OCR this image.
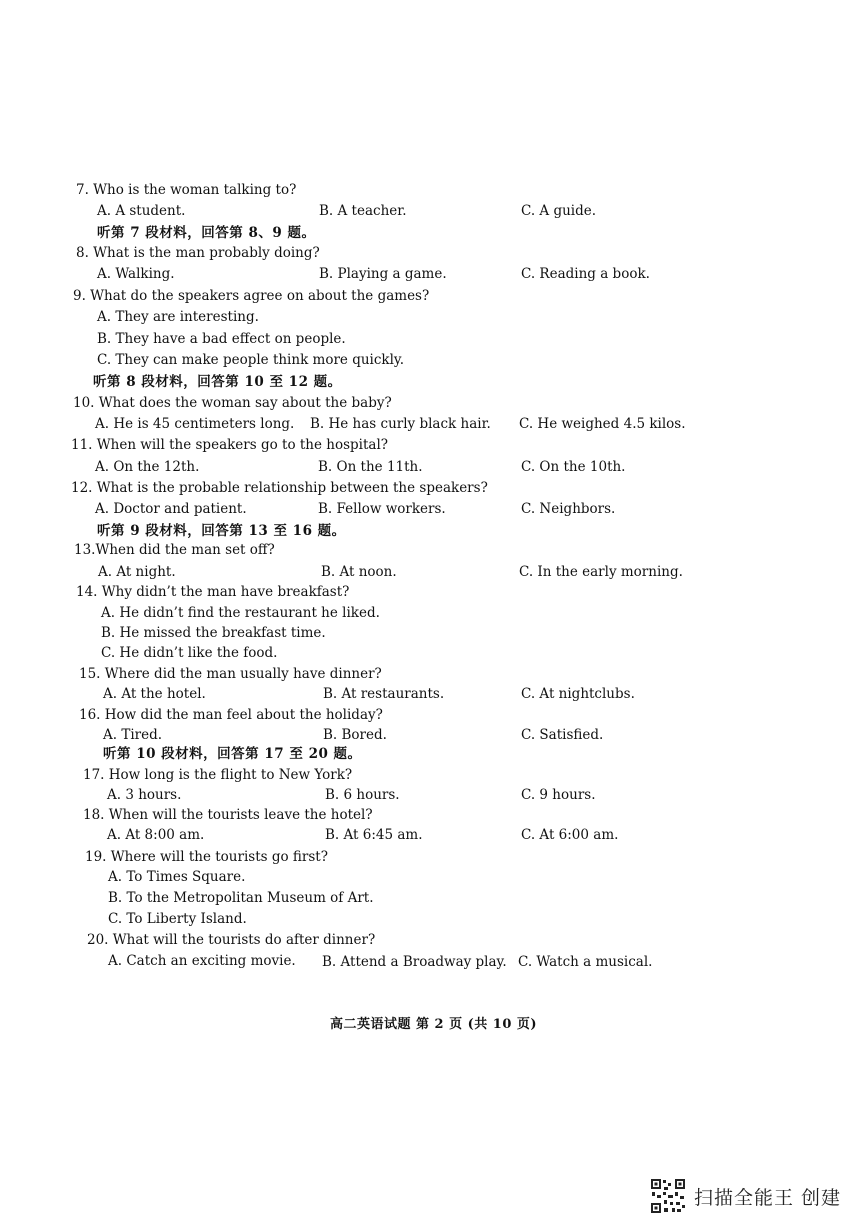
7. Who is the woman talking to?
A. A student.	B. A teacher.	C. A guide.
听第 7 段材料，回答第 8、9 题。
8. What is the man probably doing?
A. Walking.	B. Playing a game.	C. Reading a book.
9. What do the speakers agree on about the games?
A. They are interesting.
B. They have a bad effect on people.
C. They can make people think more quickly.
听第 8 段材料，回答第 10 至 12 题。
10. What does the woman say about the baby?
A. He is 45 centimeters long. B. He has curly black hair. C. He weighed 4.5 kilos.
11. When will the speakers go to the hospital?
A. On the 12th.	B. On the 11th.	C. On the 10th.
12. What is the probable relationship between the speakers?
A. Doctor and patient.	B. Fellow workers.	C. Neighbors.
听第 9 段材料，回答第 13 至 16 题。
13.When did the man set off?
A. At night.	B. At noon.	C. In the early morning.
14. Why didn’t the man have breakfast?
A. He didn’t find the restaurant he liked.
B. He missed the breakfast time.
C. He didn’t like the food.
15. Where did the man usually have dinner?
A. At the hotel.	B. At restaurants.	C. At nightclubs.
16. How did the man feel about the holiday?
A. Tired.	B. Bored.	C. Satisfied.
听第 10 段材料，回答第 17 至 20 题。
17. How long is the flight to New York?
A. 3 hours.	B. 6 hours.	C. 9 hours.
18. When will the tourists leave the hotel?
A. At 8:00 am.	B. At 6:45 am.	C. At 6:00 am.
19. Where will the tourists go first?
A. To Times Square.
B. To the Metropolitan Museum of Art.
C. To Liberty Island.
20. What will the tourists do after dinner?
A. Catch an exciting movie. B. Attend a Broadway play. C. Watch a musical.
高二英语试题 第 2 页 (共 10 页)
扫描全能王 创建
